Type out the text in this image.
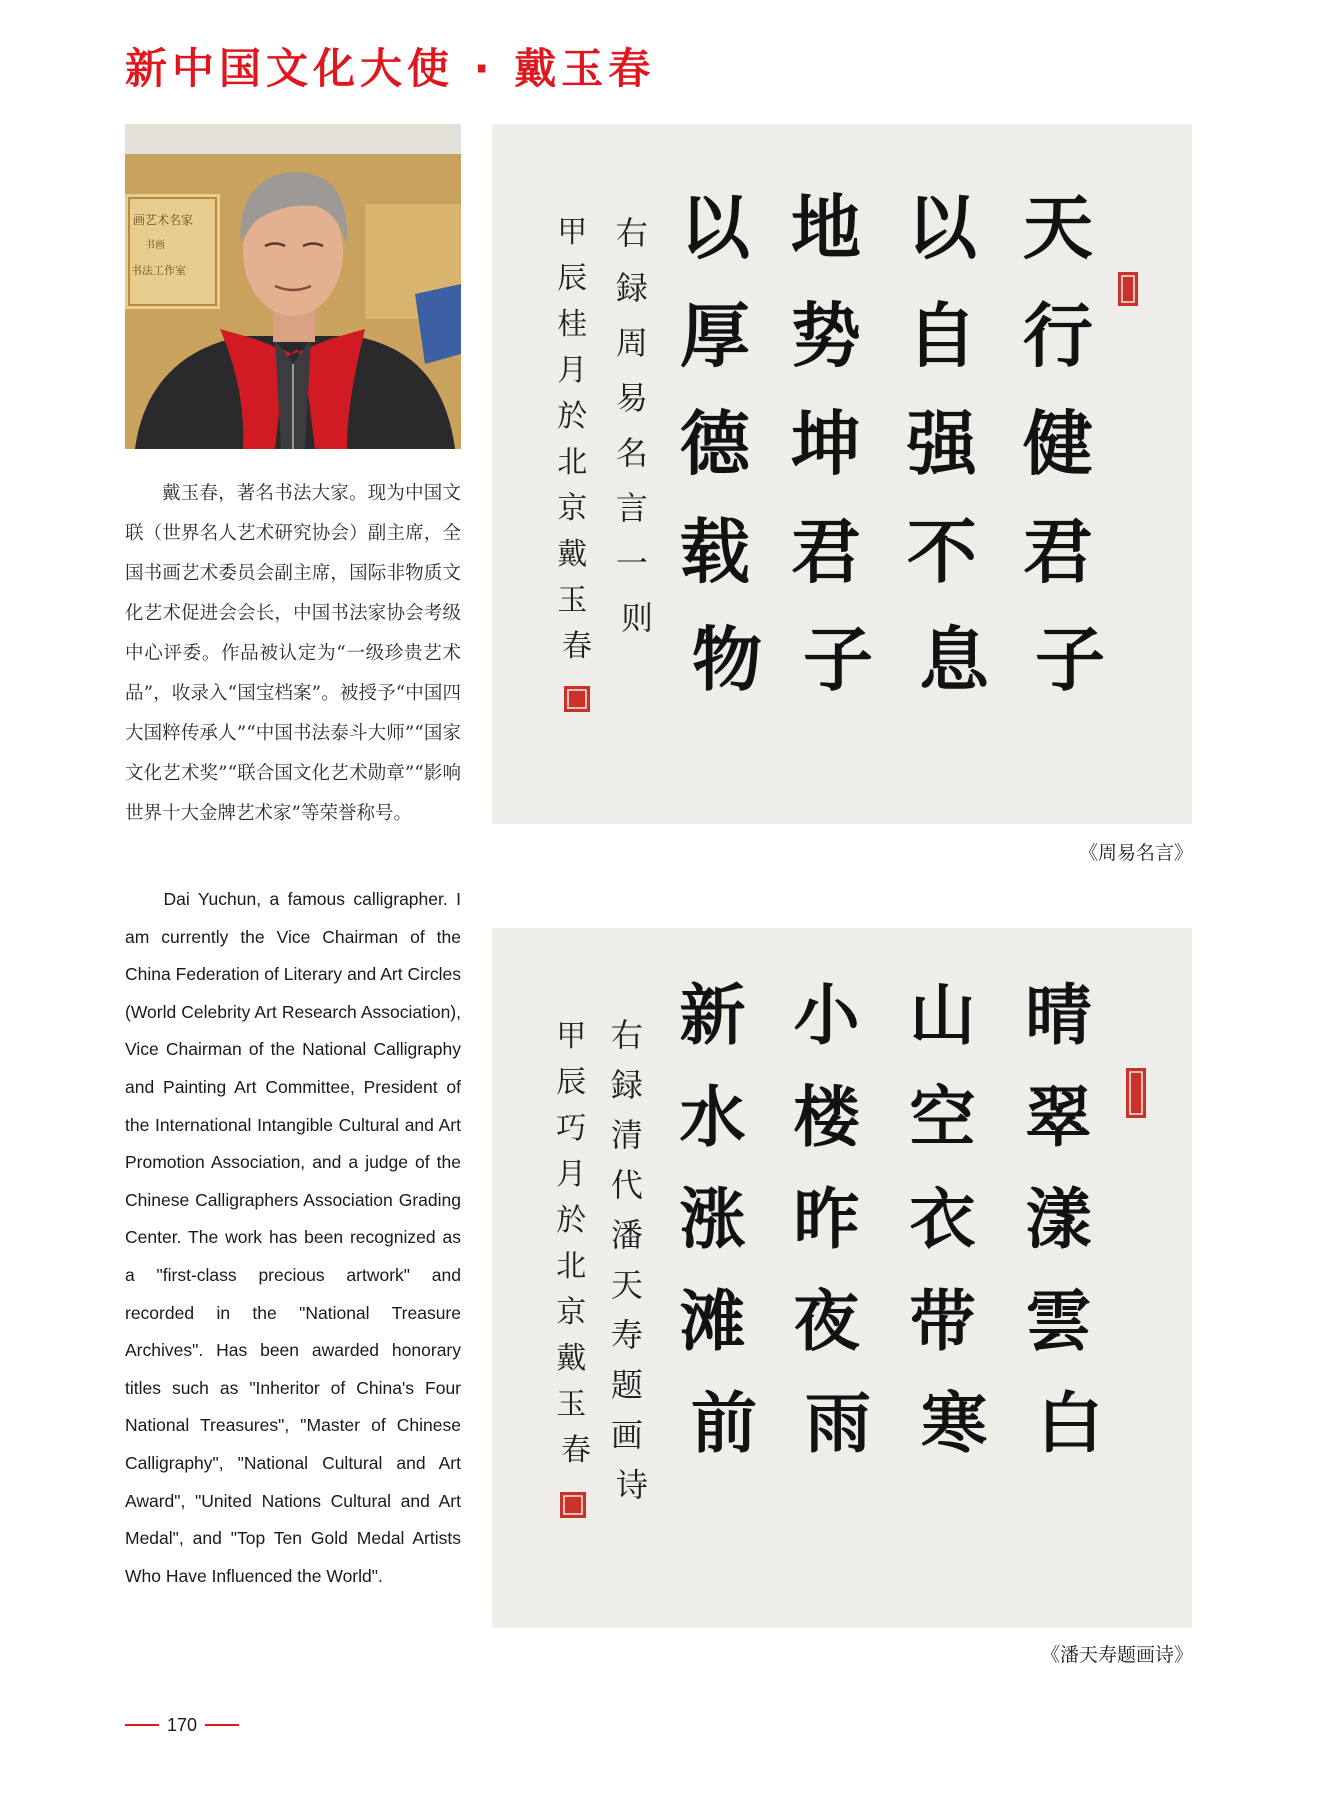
新中国文化大使 · 戴玉春
画艺术名家
书画
书法工作室
戴玉春，著名书法大家。现为中国文联（世界名人艺术研究协会）副主席，全国书画艺术委员会副主席，国际非物质文化艺术促进会会长，中国书法家协会考级中心评委。作品被认定为“一级珍贵艺术品”，收录入“国宝档案”。被授予“中国四大国粹传承人”“中国书法泰斗大师”“国家文化艺术奖”“联合国文化艺术勋章”“影响世界十大金牌艺术家”等荣誉称号。
Dai Yuchun, a famous calligrapher. I am currently the Vice Chairman of the China Federation of Literary and Art Circles (World Celebrity Art Research Association), Vice Chairman of the National Calligraphy and Painting Art Committee, President of the International Intangible Cultural and Art Promotion Association, and a judge of the Chinese Calligraphers Association Grading Center. The work has been recognized as a "first-class precious artwork" and recorded in the "National Treasure Archives". Has been awarded honorary titles such as "Inheritor of China's Four National Treasures", "Master of Chinese Calligraphy", "National Cultural and Art Award", "United Nations Cultural and Art Medal", and "Top Ten Gold Medal Artists Who Have Influenced the World".
天 行 健 君 子
以 自 强 不 息
地 势 坤 君 子
以 厚 德 载 物
右 録 周 易 名 言 一 则
甲 辰 桂 月 於 北 京 戴 玉 春
《周易名言》
晴 翠 漾 雲 白
山 空 衣 带 寒
小 楼 昨 夜 雨
新 水 涨 滩 前
右 録 清 代 潘 天 寿 题 画 诗
甲 辰 巧 月 於 北 京 戴 玉 春
《潘天寿题画诗》
170
